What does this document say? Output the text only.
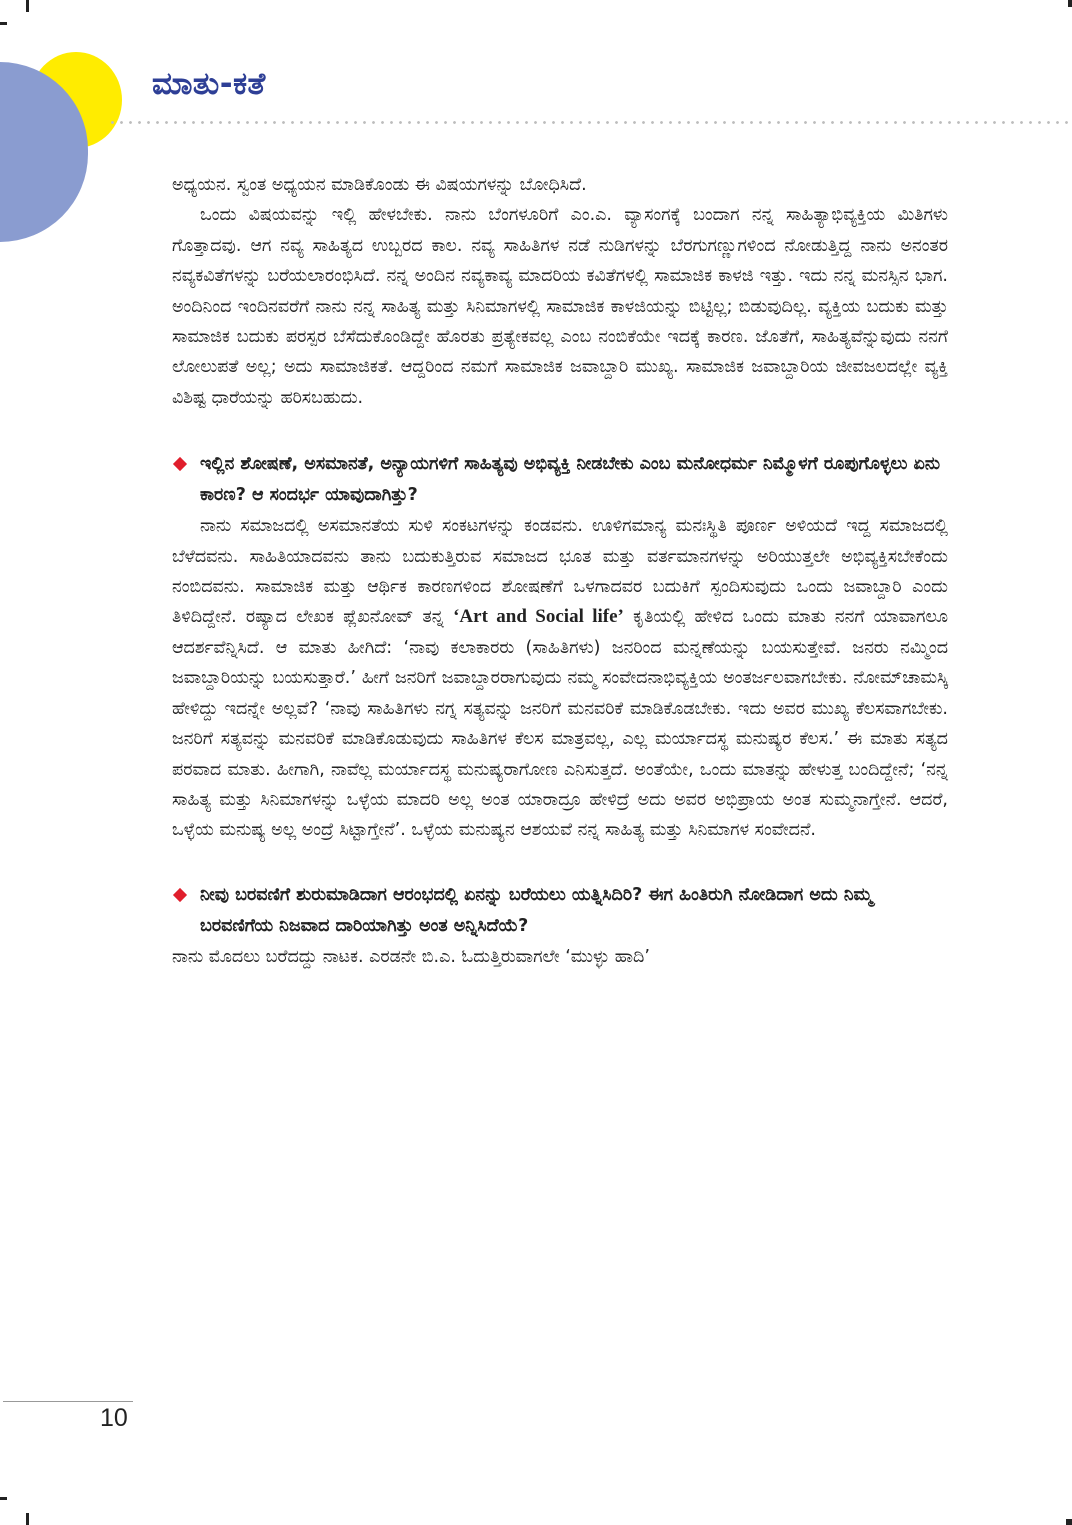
ಮಾತು-ಕತೆ

ಅಧ್ಯಯನ. ಸ್ವಂತ ಅಧ್ಯಯನ ಮಾಡಿಕೊಂಡು ಈ ವಿಷಯಗಳನ್ನು ಬೋಧಿಸಿದೆ.

ಒಂದು ವಿಷಯವನ್ನು ಇಲ್ಲಿ ಹೇಳಬೇಕು. ನಾನು ಬೆಂಗಳೂರಿಗೆ ಎಂ.ಎ. ವ್ಯಾಸಂಗಕ್ಕೆ ಬಂದಾಗ ನನ್ನ ಸಾಹಿತ್ಯಾಭಿವ್ಯಕ್ತಿಯ ಮಿತಿಗಳು ಗೊತ್ತಾದವು. ಆಗ ನವ್ಯ ಸಾಹಿತ್ಯದ ಉಬ್ಬರದ ಕಾಲ. ನವ್ಯ ಸಾಹಿತಿಗಳ ನಡೆ ನುಡಿಗಳನ್ನು ಬೆರಗುಗಣ್ಣುಗಳಿಂದ ನೋಡುತ್ತಿದ್ದ ನಾನು ಅನಂತರ ನವ್ಯಕವಿತೆಗಳನ್ನು ಬರೆಯಲಾರಂಭಿಸಿದೆ. ನನ್ನ ಅಂದಿನ ನವ್ಯಕಾವ್ಯ ಮಾದರಿಯ ಕವಿತೆಗಳಲ್ಲಿ ಸಾಮಾಜಿಕ ಕಾಳಜಿ ಇತ್ತು. ಇದು ನನ್ನ ಮನಸ್ಸಿನ ಭಾಗ. ಅಂದಿನಿಂದ ಇಂದಿನವರೆಗೆ ನಾನು ನನ್ನ ಸಾಹಿತ್ಯ ಮತ್ತು ಸಿನಿಮಾಗಳಲ್ಲಿ ಸಾಮಾಜಿಕ ಕಾಳಜಿಯನ್ನು ಬಿಟ್ಟಿಲ್ಲ; ಬಿಡುವುದಿಲ್ಲ. ವ್ಯಕ್ತಿಯ ಬದುಕು ಮತ್ತು ಸಾಮಾಜಿಕ ಬದುಕು ಪರಸ್ಪರ ಬೆಸೆದುಕೊಂಡಿದ್ದೇ ಹೊರತು ಪ್ರತ್ಯೇಕವಲ್ಲ ಎಂಬ ನಂಬಿಕೆಯೇ ಇದಕ್ಕೆ ಕಾರಣ. ಜೊತೆಗೆ, ಸಾಹಿತ್ಯವೆನ್ನುವುದು ನನಗೆ ಲೋಲುಪತೆ ಅಲ್ಲ; ಅದು ಸಾಮಾಜಿಕತೆ. ಆದ್ದರಿಂದ ನಮಗೆ ಸಾಮಾಜಿಕ ಜವಾಬ್ದಾರಿ ಮುಖ್ಯ. ಸಾಮಾಜಿಕ ಜವಾಬ್ದಾರಿಯ ಜೀವಜಲದಲ್ಲೇ ವ್ಯಕ್ತಿ ವಿಶಿಷ್ಟ ಧಾರೆಯನ್ನು ಹರಿಸಬಹುದು.

ಇಲ್ಲಿನ ಶೋಷಣೆ, ಅಸಮಾನತೆ, ಅನ್ಯಾಯಗಳಿಗೆ ಸಾಹಿತ್ಯವು ಅಭಿವ್ಯಕ್ತಿ ನೀಡಬೇಕು ಎಂಬ ಮನೋಧರ್ಮ ನಿಮ್ಮೊಳಗೆ ರೂಪುಗೊಳ್ಳಲು ಏನು ಕಾರಣ? ಆ ಸಂದರ್ಭ ಯಾವುದಾಗಿತ್ತು?

ನಾನು ಸಮಾಜದಲ್ಲಿ ಅಸಮಾನತೆಯ ಸುಳಿ ಸಂಕಟಗಳನ್ನು ಕಂಡವನು. ಊಳಿಗಮಾನ್ಯ ಮನಃಸ್ಥಿತಿ ಪೂರ್ಣ ಅಳಿಯದೆ ಇದ್ದ ಸಮಾಜದಲ್ಲಿ ಬೆಳೆದವನು. ಸಾಹಿತಿಯಾದವನು ತಾನು ಬದುಕುತ್ತಿರುವ ಸಮಾಜದ ಭೂತ ಮತ್ತು ವರ್ತಮಾನಗಳನ್ನು ಅರಿಯುತ್ತಲೇ ಅಭಿವ್ಯಕ್ತಿಸಬೇಕೆಂದು ನಂಬಿದವನು. ಸಾಮಾಜಿಕ ಮತ್ತು ಆರ್ಥಿಕ ಕಾರಣಗಳಿಂದ ಶೋಷಣೆಗೆ ಒಳಗಾದವರ ಬದುಕಿಗೆ ಸ್ಪಂದಿಸುವುದು ಒಂದು ಜವಾಬ್ದಾರಿ ಎಂದು ತಿಳಿದಿದ್ದೇನೆ. ರಷ್ಯಾದ ಲೇಖಕ ಪ್ಲೆಖನೋವ್ ತನ್ನ ‘Art and Social life’ ಕೃತಿಯಲ್ಲಿ ಹೇಳಿದ ಒಂದು ಮಾತು ನನಗೆ ಯಾವಾಗಲೂ ಆದರ್ಶವೆನ್ನಿಸಿದೆ. ಆ ಮಾತು ಹೀಗಿದೆ: ‘ನಾವು ಕಲಾಕಾರರು (ಸಾಹಿತಿಗಳು) ಜನರಿಂದ ಮನ್ನಣೆಯನ್ನು ಬಯಸುತ್ತೇವೆ. ಜನರು ನಮ್ಮಿಂದ ಜವಾಬ್ದಾರಿಯನ್ನು ಬಯಸುತ್ತಾರೆ.’ ಹೀಗೆ ಜನರಿಗೆ ಜವಾಬ್ದಾರರಾಗುವುದು ನಮ್ಮ ಸಂವೇದನಾಭಿವ್ಯಕ್ತಿಯ ಅಂತರ್ಜಲವಾಗಬೇಕು. ನೋಮ್‌ಚಾಮಸ್ಕಿ ಹೇಳಿದ್ದು ಇದನ್ನೇ ಅಲ್ಲವೆ? ‘ನಾವು ಸಾಹಿತಿಗಳು ನಗ್ನ ಸತ್ಯವನ್ನು ಜನರಿಗೆ ಮನವರಿಕೆ ಮಾಡಿಕೊಡಬೇಕು. ಇದು ಅವರ ಮುಖ್ಯ ಕೆಲಸವಾಗಬೇಕು. ಜನರಿಗೆ ಸತ್ಯವನ್ನು ಮನವರಿಕೆ ಮಾಡಿಕೊಡುವುದು ಸಾಹಿತಿಗಳ ಕೆಲಸ ಮಾತ್ರವಲ್ಲ, ಎಲ್ಲ ಮರ್ಯಾದಸ್ಥ ಮನುಷ್ಯರ ಕೆಲಸ.’ ಈ ಮಾತು ಸತ್ಯದ ಪರವಾದ ಮಾತು. ಹೀಗಾಗಿ, ನಾವೆಲ್ಲ ಮರ್ಯಾದಸ್ಥ ಮನುಷ್ಯರಾಗೋಣ ಎನಿಸುತ್ತದೆ. ಅಂತೆಯೇ, ಒಂದು ಮಾತನ್ನು ಹೇಳುತ್ತ ಬಂದಿದ್ದೇನೆ; ‘ನನ್ನ ಸಾಹಿತ್ಯ ಮತ್ತು ಸಿನಿಮಾಗಳನ್ನು ಒಳ್ಳೆಯ ಮಾದರಿ ಅಲ್ಲ ಅಂತ ಯಾರಾದ್ರೂ ಹೇಳಿದ್ರೆ ಅದು ಅವರ ಅಭಿಪ್ರಾಯ ಅಂತ ಸುಮ್ಮನಾಗ್ತೇನೆ. ಆದರೆ, ಒಳ್ಳೆಯ ಮನುಷ್ಯ ಅಲ್ಲ ಅಂದ್ರೆ ಸಿಟ್ಟಾಗ್ತೇನೆ’. ಒಳ್ಳೆಯ ಮನುಷ್ಯನ ಆಶಯವೆ ನನ್ನ ಸಾಹಿತ್ಯ ಮತ್ತು ಸಿನಿಮಾಗಳ ಸಂವೇದನೆ.

ನೀವು ಬರವಣಿಗೆ ಶುರುಮಾಡಿದಾಗ ಆರಂಭದಲ್ಲಿ ಏನನ್ನು ಬರೆಯಲು ಯತ್ನಿಸಿದಿರಿ? ಈಗ ಹಿಂತಿರುಗಿ ನೋಡಿದಾಗ ಅದು ನಿಮ್ಮ ಬರವಣಿಗೆಯ ನಿಜವಾದ ದಾರಿಯಾಗಿತ್ತು ಅಂತ ಅನ್ನಿಸಿದೆಯೆ?

ನಾನು ಮೊದಲು ಬರೆದದ್ದು ನಾಟಕ. ಎರಡನೇ ಬಿ.ಎ. ಓದುತ್ತಿರುವಾಗಲೇ ‘ಮುಳ್ಳು ಹಾದಿ’

10
